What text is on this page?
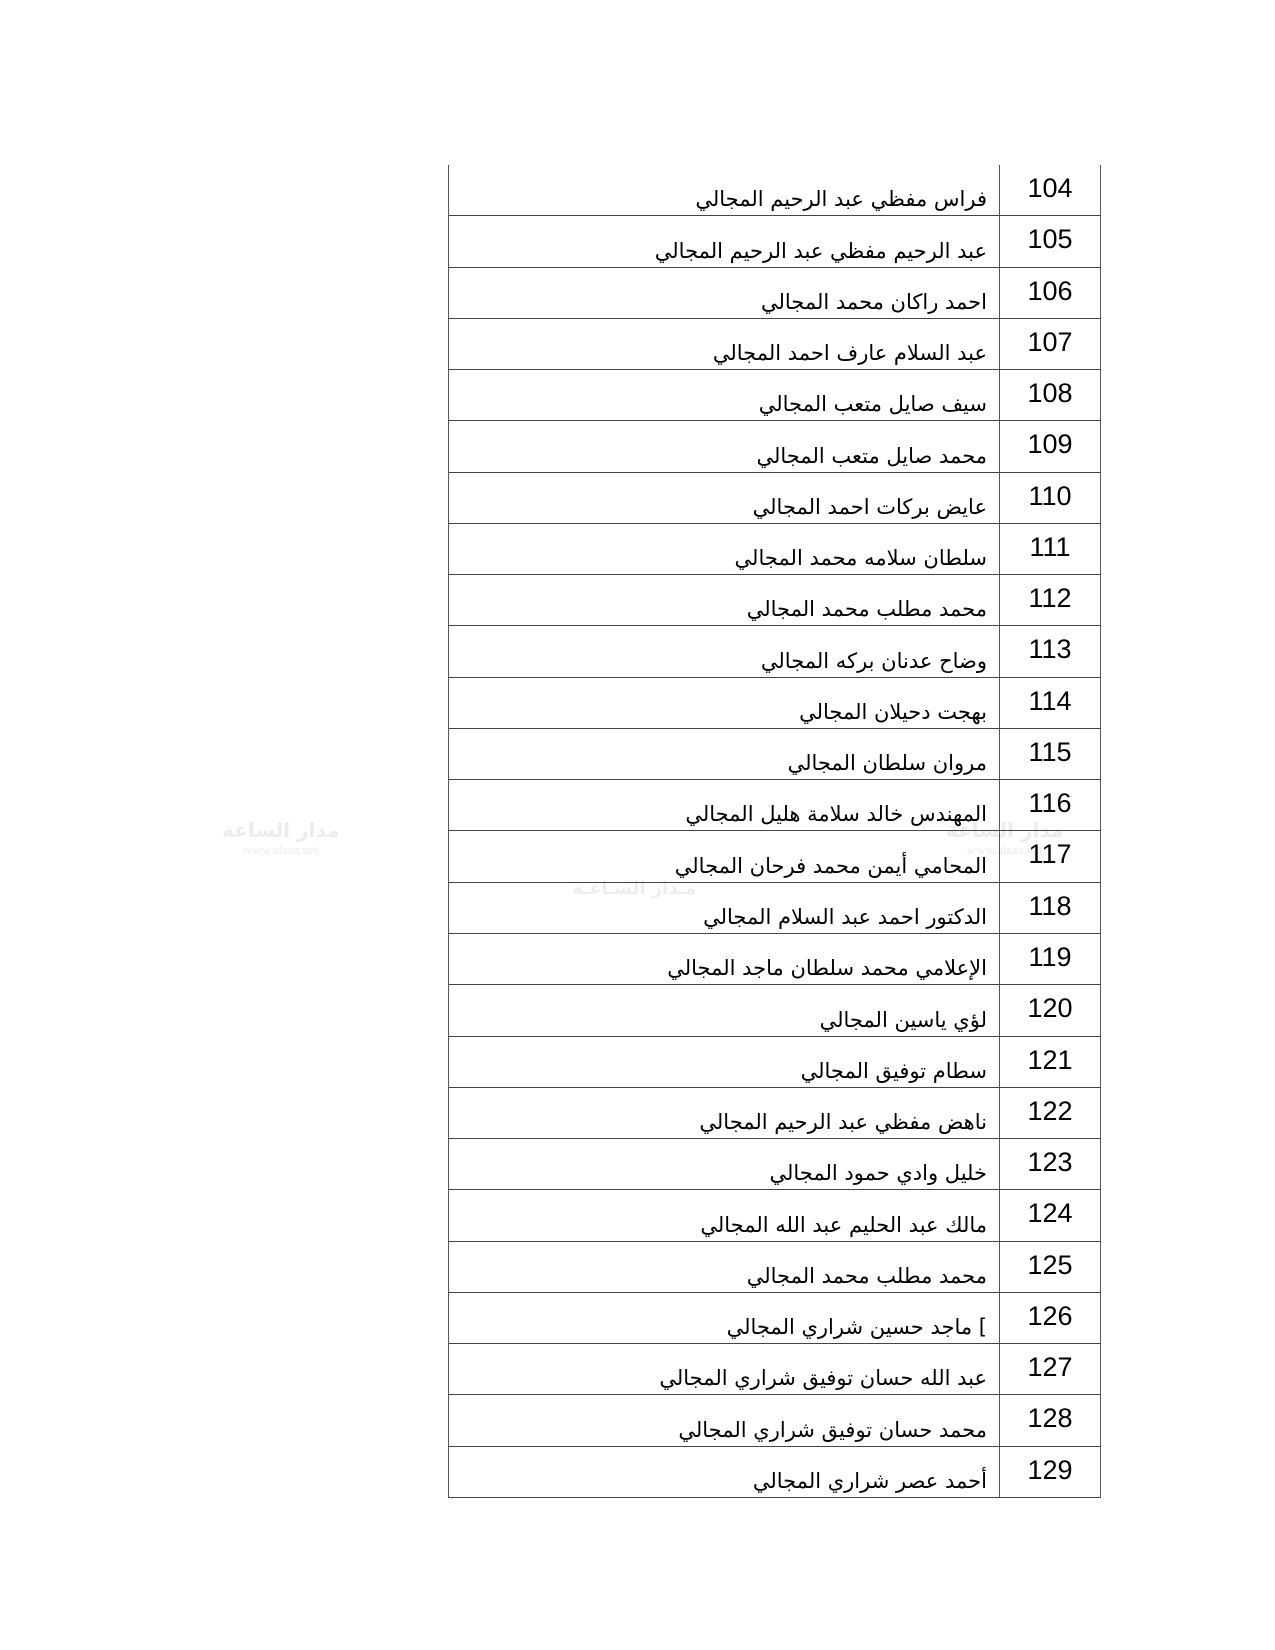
مدار الساعة
www.alsaa.net
مـدار السـاعـة
مدار الساعة
www.alsaa.net
فراس مفظي عبد الرحيم المجالي	104
عبد الرحيم مفظي عبد الرحيم المجالي	105
احمد راكان محمد المجالي	106
عبد السلام عارف احمد المجالي	107
سيف صايل متعب المجالي	108
محمد صايل متعب المجالي	109
عايض بركات احمد المجالي	110
سلطان سلامه محمد المجالي	111
محمد مطلب محمد المجالي	112
وضاح عدنان بركه المجالي	113
بهجت دحيلان المجالي	114
مروان سلطان المجالي	115
المهندس خالد سلامة هليل المجالي	116
المحامي أيمن محمد فرحان المجالي	117
الدكتور احمد عبد السلام المجالي	118
الإعلامي محمد سلطان ماجد المجالي	119
لؤي ياسين المجالي	120
سطام توفيق المجالي	121
ناهض مفظي عبد الرحيم المجالي	122
خليل وادي حمود المجالي	123
مالك عبد الحليم عبد الله المجالي	124
محمد مطلب محمد المجالي	125
] ماجد حسين شراري المجالي	126
عبد الله حسان توفيق شراري المجالي	127
محمد حسان توفيق شراري المجالي	128
أحمد عصر شراري المجالي	129
